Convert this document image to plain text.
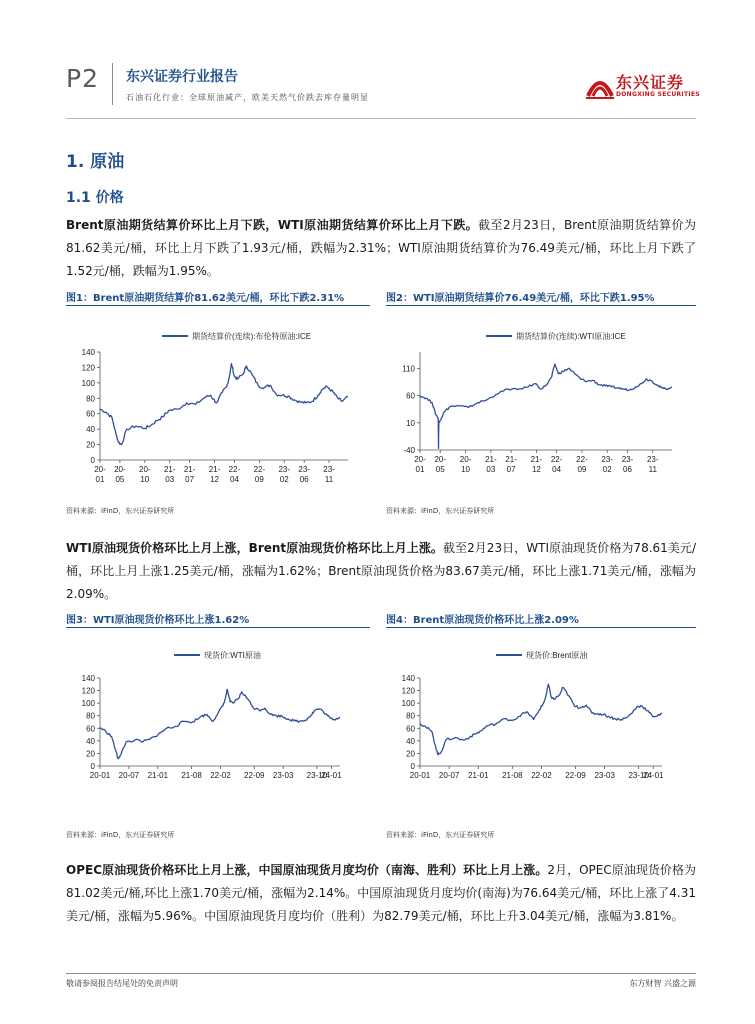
P2 东兴证券行业报告
石油石化行业：全球原油减产，欧美天然气价跌去库存量明显
东兴证券
DONGXING SECURITIES
1. 原油
1.1 价格
Brent原油期货结算价环比上月下跌，WTI原油期货结算价环比上月下跌。截至2月23日，Brent原油期货结算价为81.62美元/桶，环比上月下跌了1.93元/桶，跌幅为2.31%；WTI原油期货结算价为76.49美元/桶，环比上月下跌了1.52元/桶，跌幅为1.95%。
图1：Brent原油期货结算价81.62美元/桶，环比下跌2.31%	图2：WTI原油期货结算价76.49美元/桶，环比下跌1.95%
期货结算价(连续):布伦特原油:ICE
0
20
40
60
80
100
120
140
20-
01
20-
05
20-
10
21-
03
21-
07
21-
12
22-
04
22-
09
23-
02
23-
06
23-
11
期货结算价(连续):WTI原油:ICE
-40
10
60
110
20-
01
20-
05
20-
10
21-
03
21-
07
21-
12
22-
04
22-
09
23-
02
23-
06
23-
11
资料来源：iFinD，东兴证券研究所	资料来源：iFinD，东兴证券研究所
WTI原油现货价格环比上月上涨，Brent原油现货价格环比上月上涨。截至2月23日，WTI原油现货价格为78.61美元/桶，环比上月上涨1.25美元/桶，涨幅为1.62%；Brent原油现货价格为83.67美元/桶，环比上涨1.71美元/桶，涨幅为2.09%。
图3：WTI原油现货价格环比上涨1.62%	图4：Brent原油现货价格环比上涨2.09%
现货价:WTI原油
0
20
40
60
80
100
120
140
20-01 20-07 21-01 21-08 22-02 22-09 23-03 23-10
24-01
现货价:Brent原油
0
20
40
60
80
100
120
140
20-01 20-07 21-01 21-08 22-02 22-09 23-03 23-10
24-01
资料来源：iFinD，东兴证券研究所	资料来源：iFinD，东兴证券研究所
OPEC原油现货价格环比上月上涨，中国原油现货月度均价（南海、胜利）环比上月上涨。2月，OPEC原油现货价格为81.02美元/桶,环比上涨1.70美元/桶，涨幅为2.14%。中国原油现货月度均价(南海)为76.64美元/桶，环比上涨了4.31美元/桶，涨幅为5.96%。中国原油现货月度均价（胜利）为82.79美元/桶，环比上升3.04美元/桶，涨幅为3.81%。
敬请参阅报告结尾处的免责声明	东方财智 兴盛之源
